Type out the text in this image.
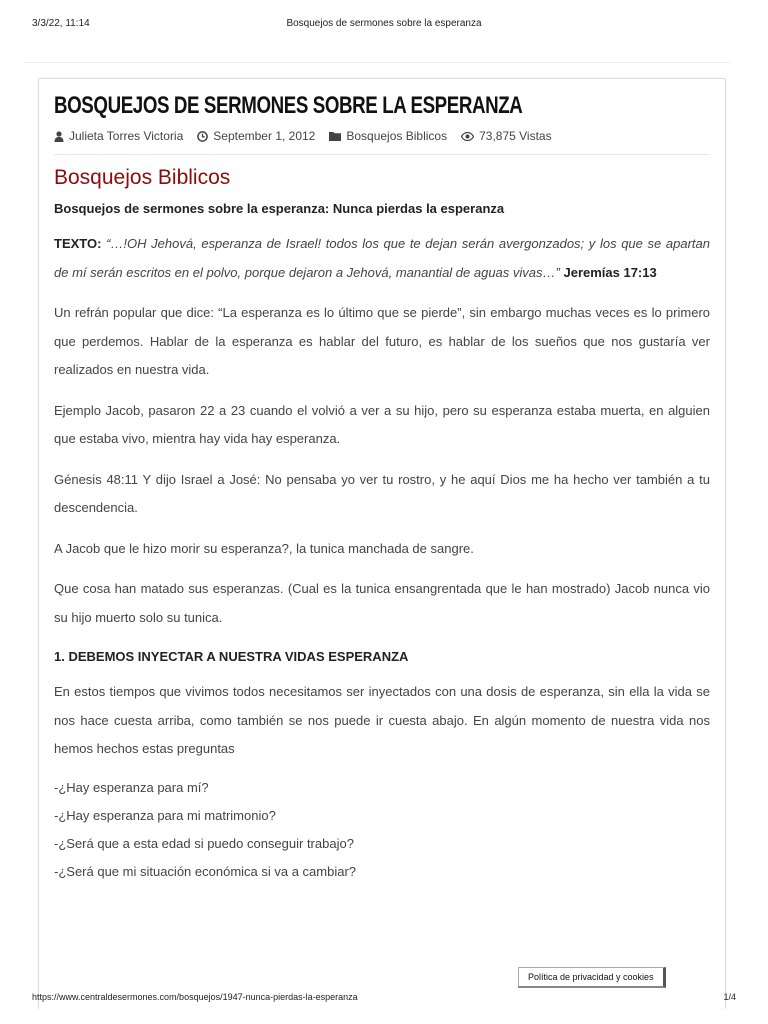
3/3/22, 11:14	Bosquejos de sermones sobre la esperanza
BOSQUEJOS DE SERMONES SOBRE LA ESPERANZA
Julieta Torres Victoria	September 1, 2012	Bosquejos Biblicos	73,875 Vistas
Bosquejos Biblicos
Bosquejos de sermones sobre la esperanza: Nunca pierdas la esperanza

TEXTO: “…!OH Jehová, esperanza de Israel! todos los que te dejan serán avergonzados; y los que se apartan de mí serán escritos en el polvo, porque dejaron a Jehová, manantial de aguas vivas…” Jeremías 17:13

Un refrán popular que dice: “La esperanza es lo último que se pierde”, sin embargo muchas veces es lo primero que perdemos. Hablar de la esperanza es hablar del futuro, es hablar de los sueños que nos gustaría ver realizados en nuestra vida.

Ejemplo Jacob, pasaron 22 a 23 cuando el volvió a ver a su hijo, pero su esperanza estaba muerta, en alguien que estaba vivo, mientra hay vida hay esperanza.

Génesis 48:11 Y dijo Israel a José: No pensaba yo ver tu rostro, y he aquí Dios me ha hecho ver también a tu descendencia.

A Jacob que le hizo morir su esperanza?, la tunica manchada de sangre.

Que cosa han matado sus esperanzas. (Cual es la tunica ensangrentada que le han mostrado) Jacob nunca vio su hijo muerto solo su tunica.

1. DEBEMOS INYECTAR A NUESTRA VIDAS ESPERANZA

En estos tiempos que vivimos todos necesitamos ser inyectados con una dosis de esperanza, sin ella la vida se nos hace cuesta arriba, como también se nos puede ir cuesta abajo. En algún momento de nuestra vida nos hemos hechos estas preguntas

-¿Hay esperanza para mí?
-¿Hay esperanza para mi matrimonio?
-¿Será que a esta edad si puedo conseguir trabajo?
-¿Será que mi situación económica si va a cambiar?
Política de privacidad y cookies
https://www.centraldesermones.com/bosquejos/1947-nunca-pierdas-la-esperanza	1/4
